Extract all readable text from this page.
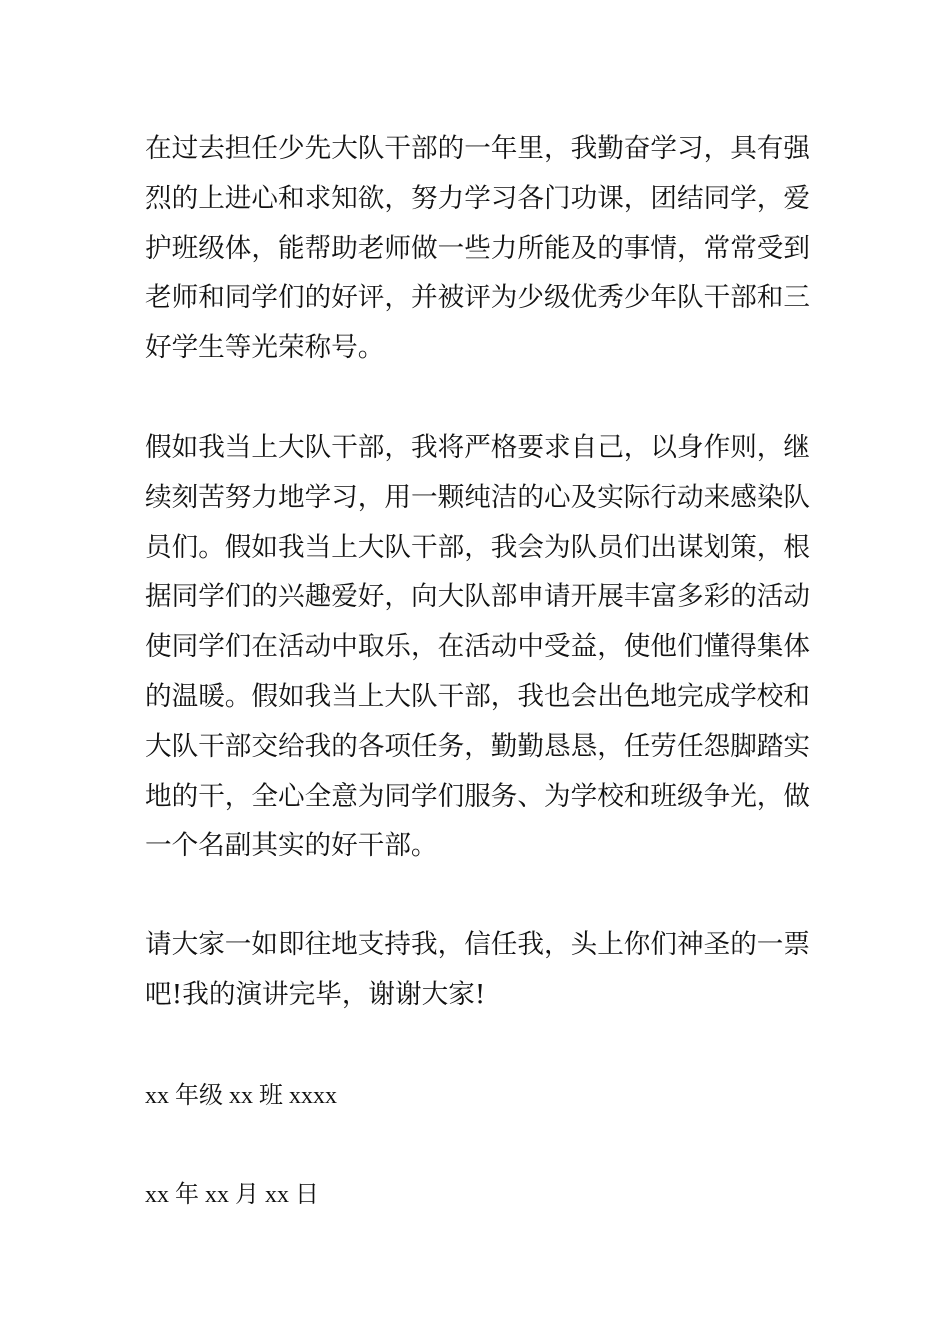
在过去担任少先大队干部的一年里，我勤奋学习，具有强
烈的上进心和求知欲，努力学习各门功课，团结同学，爱
护班级体，能帮助老师做一些力所能及的事情，常常受到
老师和同学们的好评，并被评为少级优秀少年队干部和三
好学生等光荣称号。
假如我当上大队干部，我将严格要求自己，以身作则，继
续刻苦努力地学习，用一颗纯洁的心及实际行动来感染队
员们。假如我当上大队干部，我会为队员们出谋划策，根
据同学们的兴趣爱好，向大队部申请开展丰富多彩的活动
使同学们在活动中取乐，在活动中受益，使他们懂得集体
的温暖。假如我当上大队干部，我也会出色地完成学校和
大队干部交给我的各项任务，勤勤恳恳，任劳任怨脚踏实
地的干，全心全意为同学们服务、为学校和班级争光，做
一个名副其实的好干部。
请大家一如即往地支持我，信任我，头上你们神圣的一票
吧!我的演讲完毕，谢谢大家!
xx 年级 xx 班 xxxx
xx 年 xx 月 xx 日
